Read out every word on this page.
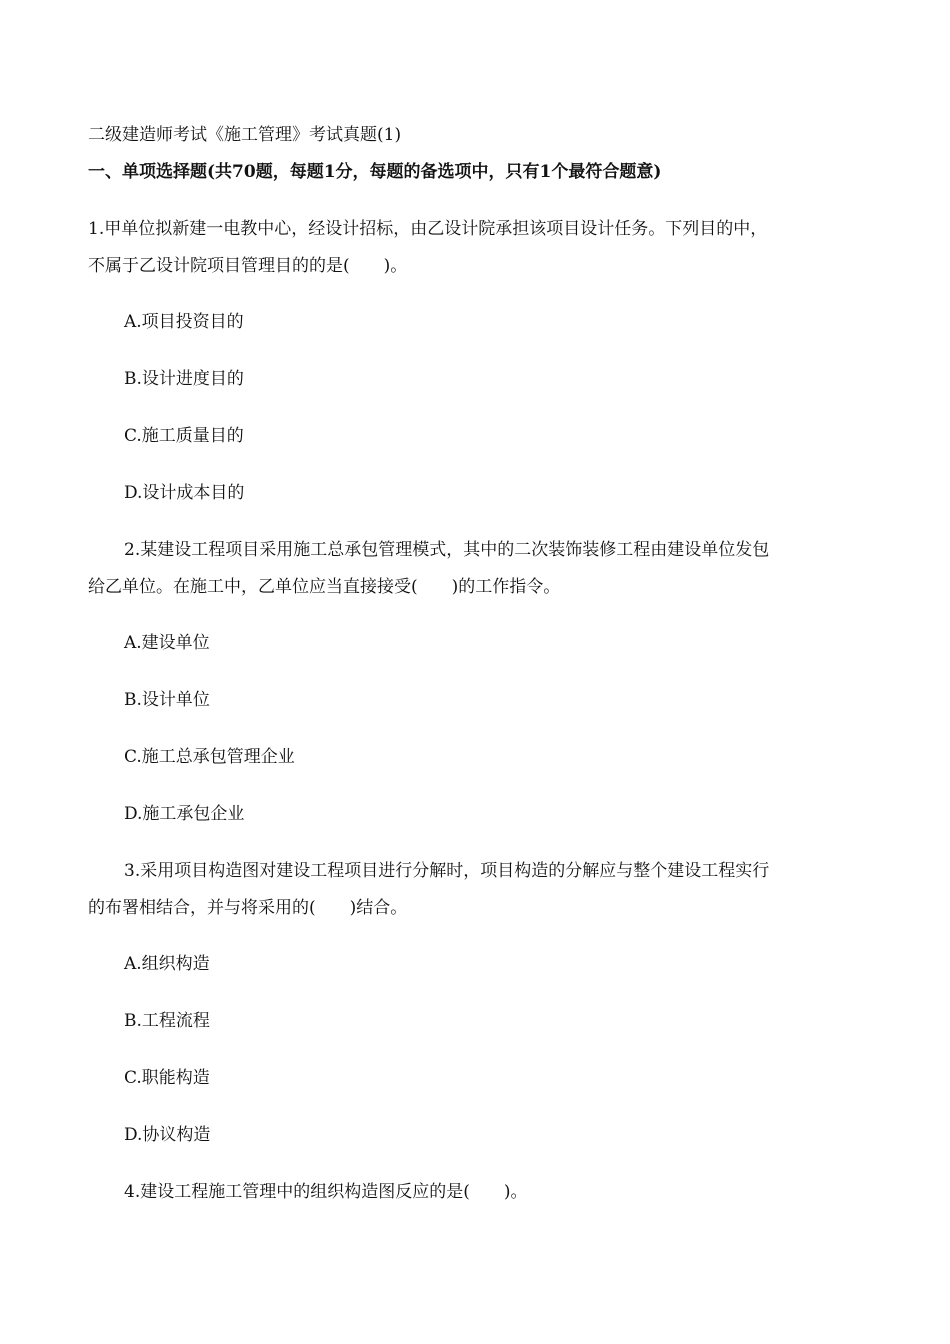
二级建造师考试《施工管理》考试真题(1)
一、单项选择题(共70题，每题1分，每题的备选项中，只有1个最符合题意)
1.甲单位拟新建一电教中心，经设计招标，由乙设计院承担该项目设计任务。下列目的中，
不属于乙设计院项目管理目的的是(　　)。
A.项目投资目的
B.设计进度目的
C.施工质量目的
D.设计成本目的
2.某建设工程项目采用施工总承包管理模式，其中的二次装饰装修工程由建设单位发包
给乙单位。在施工中，乙单位应当直接接受(　　)的工作指令。
A.建设单位
B.设计单位
C.施工总承包管理企业
D.施工承包企业
3.采用项目构造图对建设工程项目进行分解时，项目构造的分解应与整个建设工程实行
的布署相结合，并与将采用的(　　)结合。
A.组织构造
B.工程流程
C.职能构造
D.协议构造
4.建设工程施工管理中的组织构造图反应的是(　　)。
